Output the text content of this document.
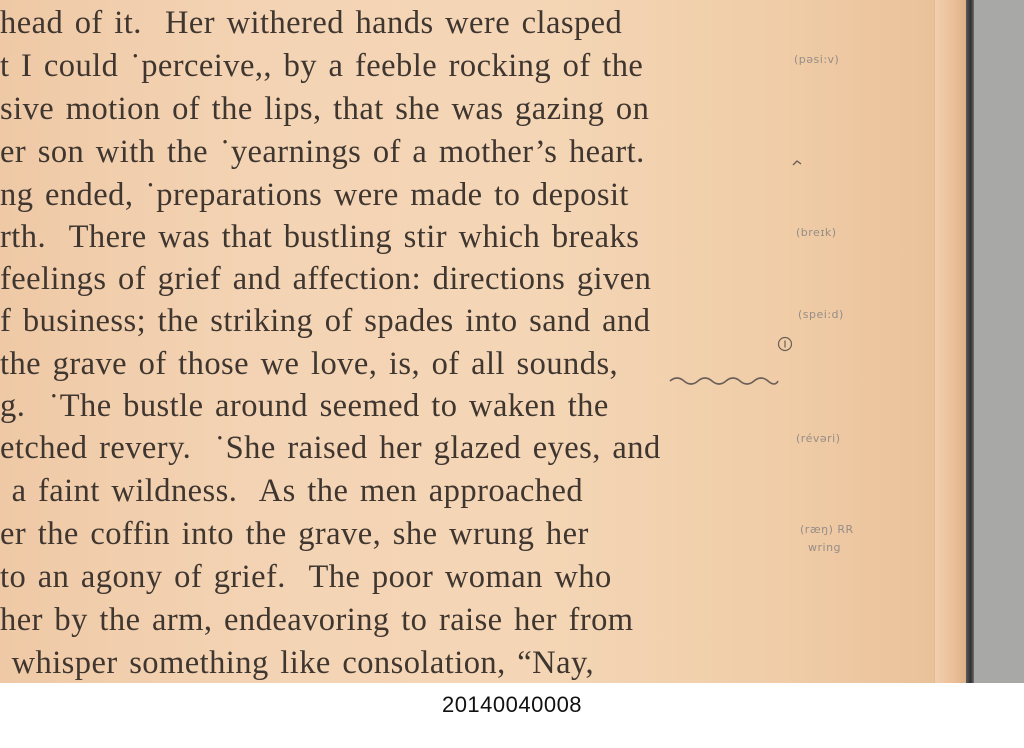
head of it.  Her withered hands were clasped
t I could ˙perceive,, by a feeble rocking of the
sive motion of the lips, that she was gazing on
er son with the ˙yearnings of a mother’s heart.
ng ended, ˙preparations were made to deposit
rth.  There was that bustling stir which breaks
feelings of grief and affection: directions given
f business; the striking of spades into sand and
the grave of those we love, is, of all sounds,
g.  ˙The bustle around seemed to waken the
etched revery.  ˙She raised her glazed eyes, and
a faint wildness.  As the men approached
er the coffin into the grave, she wrung her
to an agony of grief.  The poor woman who
her by the arm, endeavoring to raise her from
whisper something like consolation, “Nay,
(pəsi:v)
(breɪk)
(spei:d)
(révəri)
(ræŋ) RR
wring
20140040008
